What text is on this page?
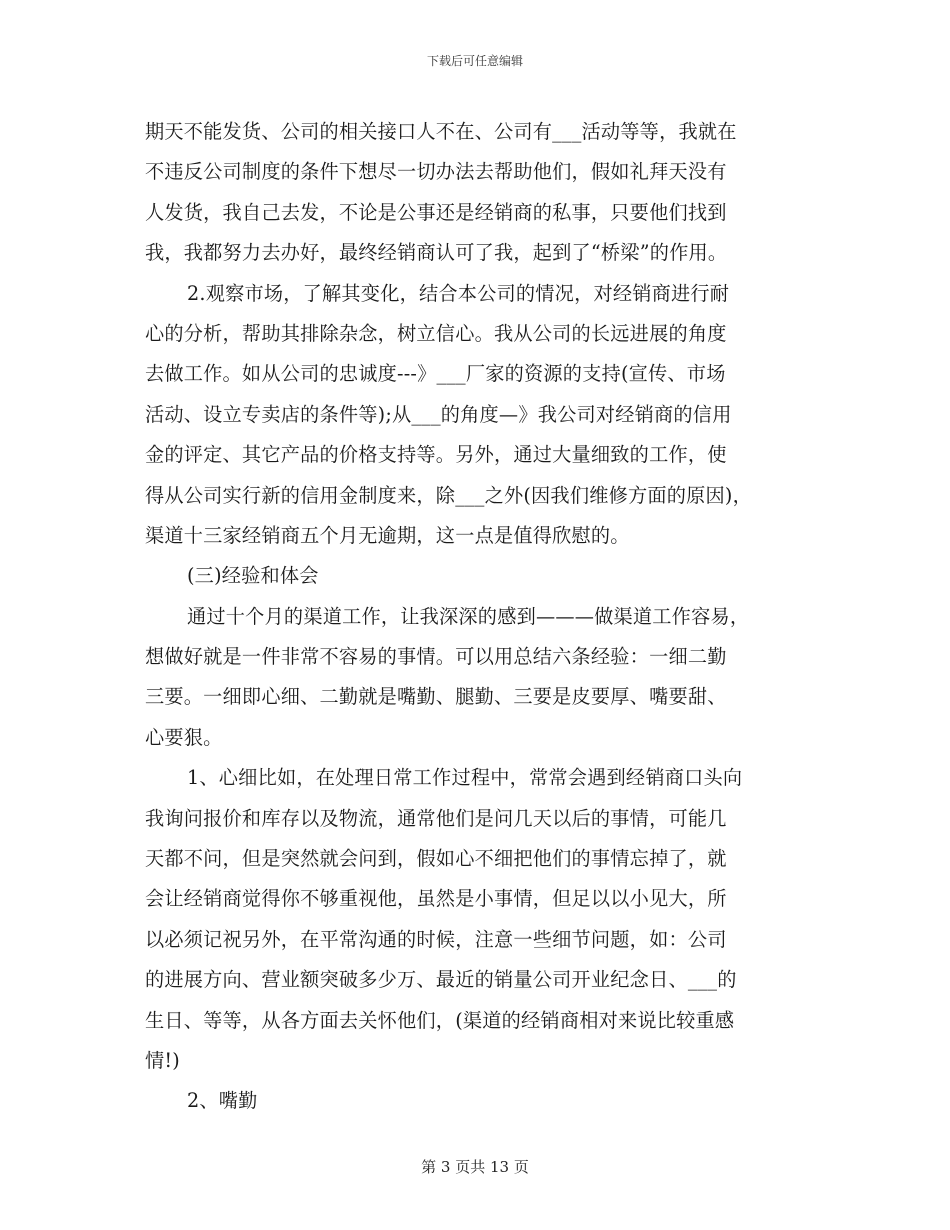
下载后可任意编辑
期天不能发货、公司的相关接口人不在、公司有___活动等等，我就在
不违反公司制度的条件下想尽一切办法去帮助他们，假如礼拜天没有
人发货，我自己去发，不论是公事还是经销商的私事，只要他们找到
我，我都努力去办好，最终经销商认可了我，起到了“桥梁”的作用。
2.观察市场，了解其变化，结合本公司的情况，对经销商进行耐
心的分析，帮助其排除杂念，树立信心。我从公司的长远进展的角度
去做工作。如从公司的忠诚度---》___厂家的资源的支持(宣传、市场
活动、设立专卖店的条件等);从___的角度—》我公司对经销商的信用
金的评定、其它产品的价格支持等。另外，通过大量细致的工作，使
得从公司实行新的信用金制度来，除___之外(因我们维修方面的原因)，
渠道十三家经销商五个月无逾期，这一点是值得欣慰的。
(三)经验和体会
通过十个月的渠道工作，让我深深的感到———做渠道工作容易，
想做好就是一件非常不容易的事情。可以用总结六条经验：一细二勤
三要。一细即心细、二勤就是嘴勤、腿勤、三要是皮要厚、嘴要甜、
心要狠。
1、心细比如，在处理日常工作过程中，常常会遇到经销商口头向
我询问报价和库存以及物流，通常他们是问几天以后的事情，可能几
天都不问，但是突然就会问到，假如心不细把他们的事情忘掉了，就
会让经销商觉得你不够重视他，虽然是小事情，但足以以小见大，所
以必须记祝另外，在平常沟通的时候，注意一些细节问题，如：公司
的进展方向、营业额突破多少万、最近的销量公司开业纪念日、___的
生日、等等，从各方面去关怀他们，(渠道的经销商相对来说比较重感
情!)
2、嘴勤
第 3 页共 13 页
